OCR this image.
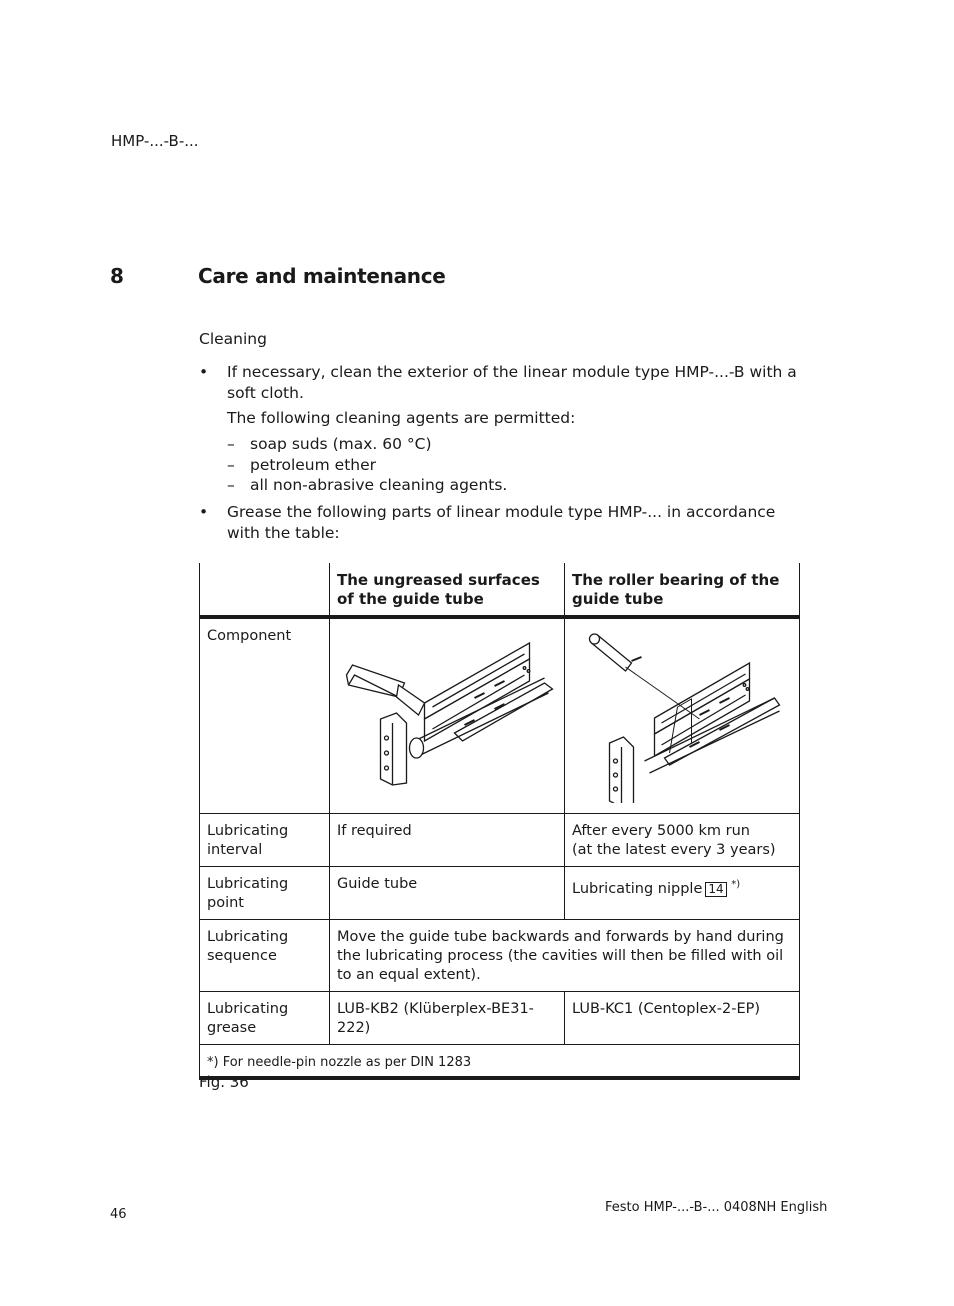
HMP-...-B-...
8	Care and maintenance
Cleaning
• If necessary, clean the exterior of the linear module type HMP-...-B with a soft cloth.
The following cleaning agents are permitted:
– soap suds (max. 60 °C)
– petroleum ether
– all non-abrasive cleaning agents.
• Grease the following parts of linear module type HMP-... in accordance with the table:
	The ungreased surfaces of the guide tube	The roller bearing of the guide tube
Component	

Lubricating interval	If required	After every 5000 km run
(at the latest every 3 years)
Lubricating point	Guide tube	Lubricating nipple 14 *)
Lubricating sequence	Move the guide tube backwards and forwards by hand during the lubricating process (the cavities will then be filled with oil to an equal extent).	
Lubricating grease	LUB-KB2 (Klüberplex-BE31-222)	LUB-KC1 (Centoplex-2-EP)
*) For needle-pin nozzle as per DIN 1283		
Fig. 36
46	Festo HMP-...-B-... 0408NH English
